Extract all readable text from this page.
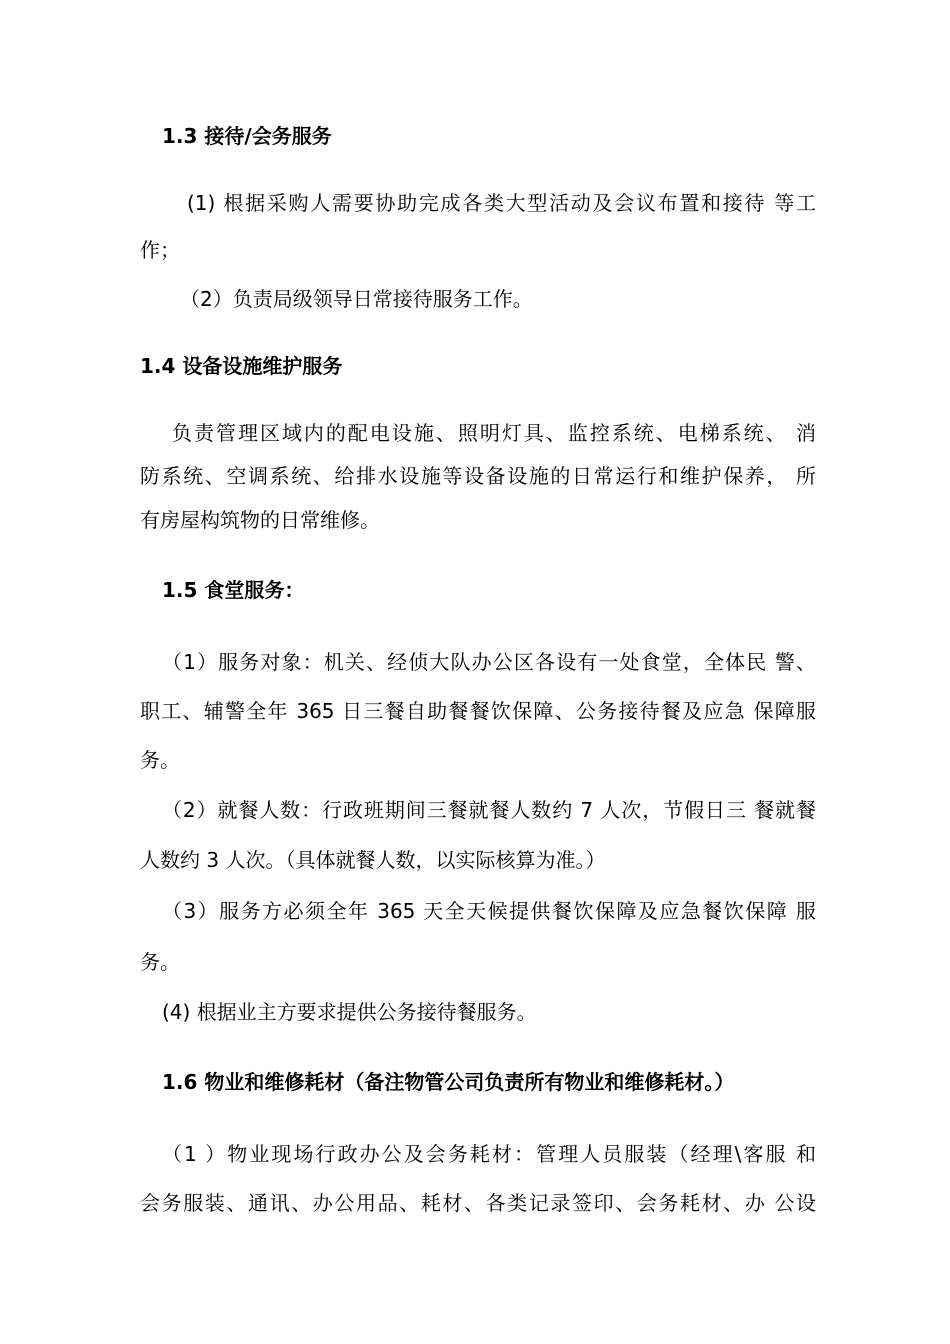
1.3 接待/会务服务
(1) 根据采购人需要协助完成各类大型活动及会议布置和接待 等工
作；
（2）负责局级领导日常接待服务工作。
1.4 设备设施维护服务
负责管理区域内的配电设施、照明灯具、监控系统、电梯系统、 消
防系统、空调系统、给排水设施等设备设施的日常运行和维护保养， 所
有房屋构筑物的日常维修。
1.5 食堂服务：
（1）服务对象：机关、经侦大队办公区各设有一处食堂，全体民 警、
职工、辅警全年 365 日三餐自助餐餐饮保障、公务接待餐及应急 保障服
务。
（2）就餐人数：行政班期间三餐就餐人数约 7 人次，节假日三 餐就餐
人数约 3 人次。（具体就餐人数，以实际核算为准。）
（3）服务方必须全年 365 天全天候提供餐饮保障及应急餐饮保障 服
务。
(4) 根据业主方要求提供公务接待餐服务。
1.6 物业和维修耗材（备注物管公司负责所有物业和维修耗材。）
（1 ）物业现场行政办公及会务耗材：管理人员服装（经理\客服 和
会务服装、通讯、办公用品、耗材、各类记录签印、会务耗材、办 公设
